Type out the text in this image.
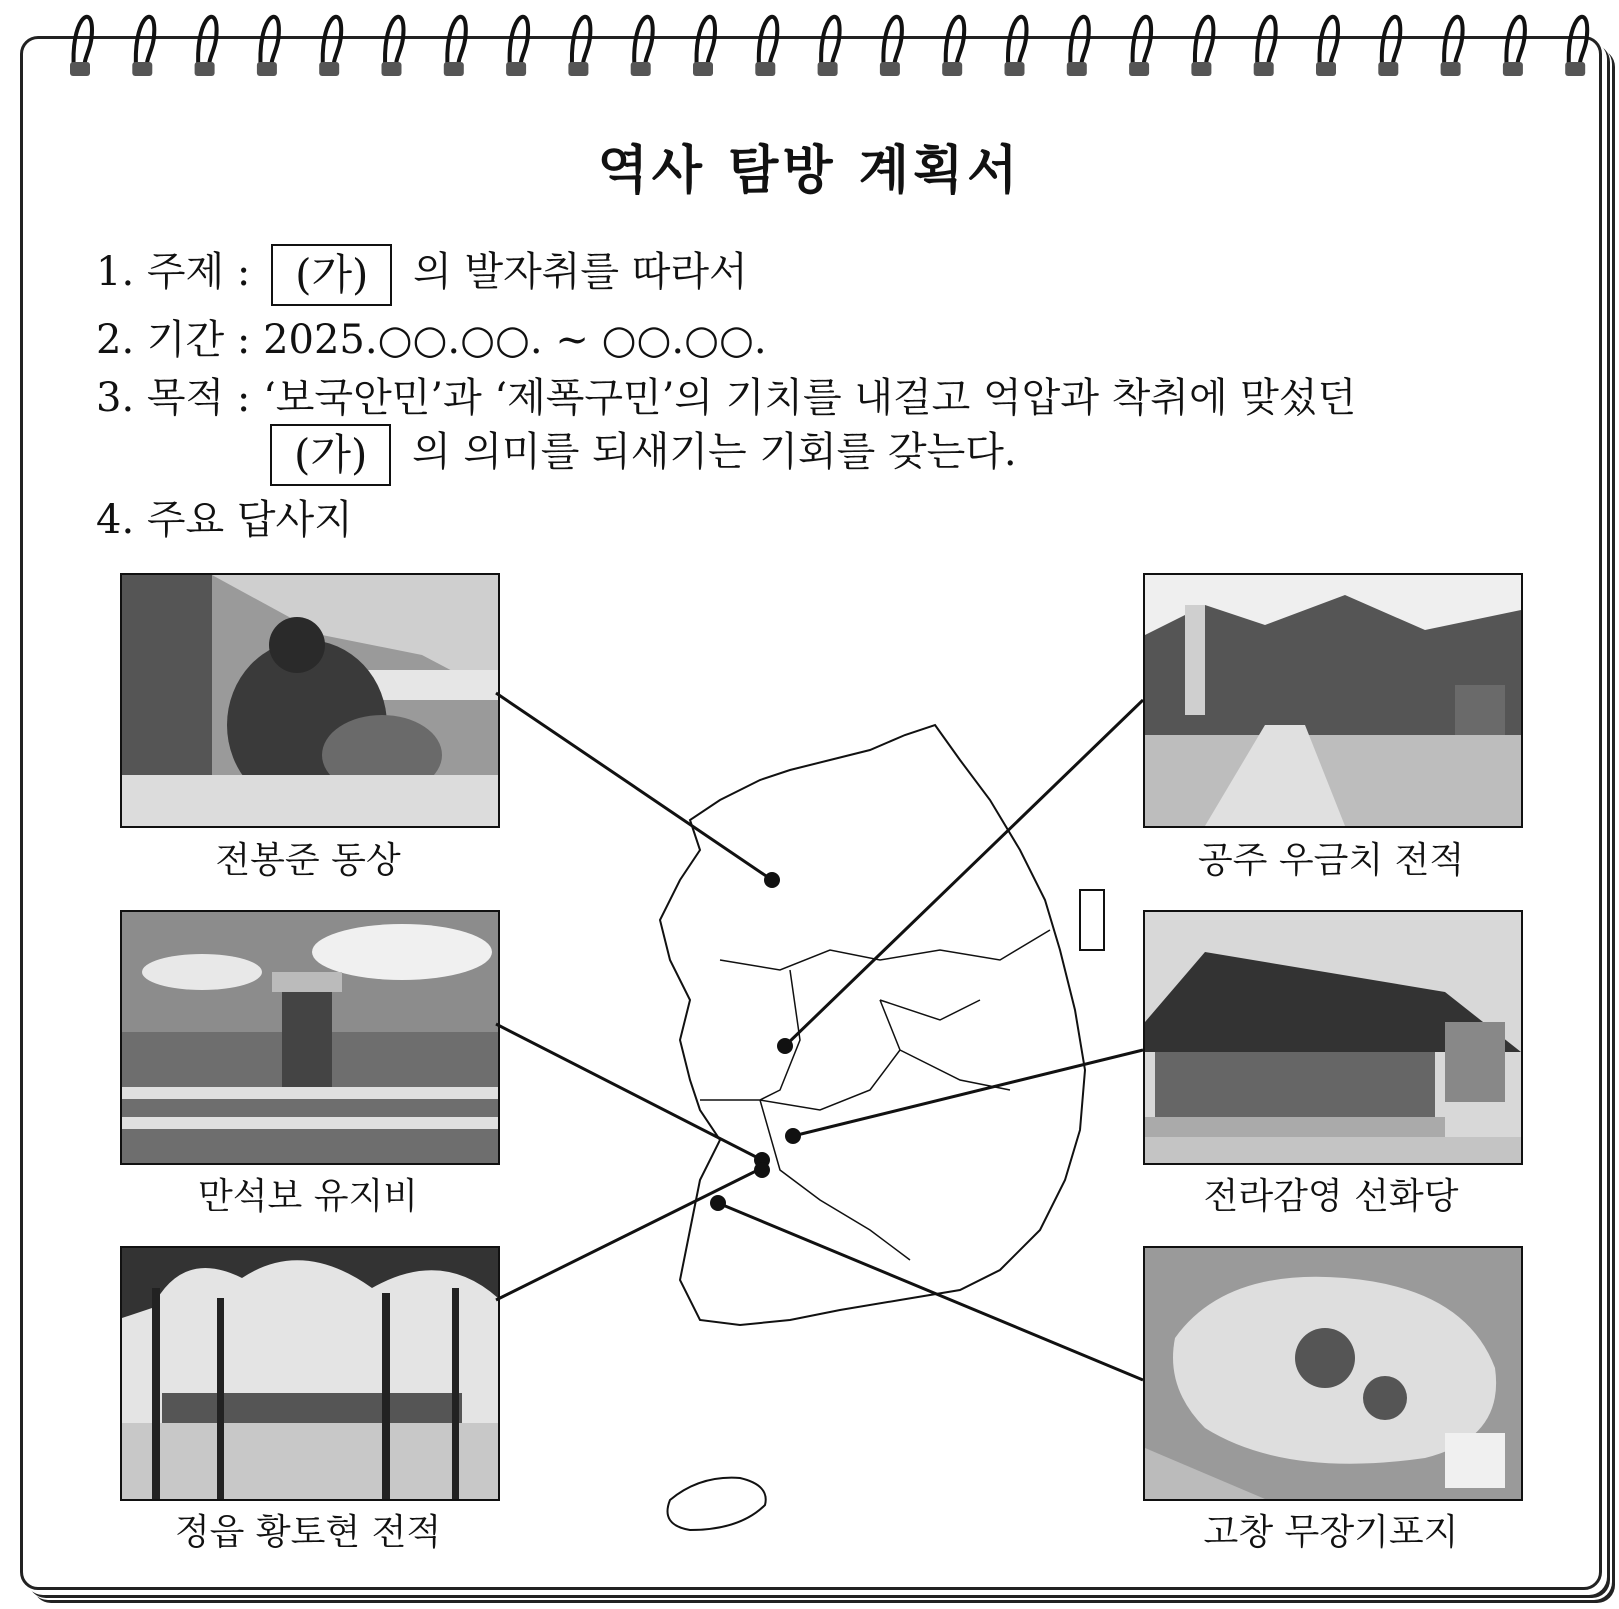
역사 탐방 계획서
1. 주제 : (가) 의 발자취를 따라서
2. 기간 : 2025.○○.○○. ~ ○○.○○.
3. 목적 : ‘보국안민’과 ‘제폭구민’의 기치를 내걸고 억압과 착취에 맞섰던
(가) 의 의미를 되새기는 기회를 갖는다.
4. 주요 답사지
전봉준 동상
만석보 유지비
정읍 황토현 전적
공주 우금치 전적
전라감영 선화당
고창 무장기포지
